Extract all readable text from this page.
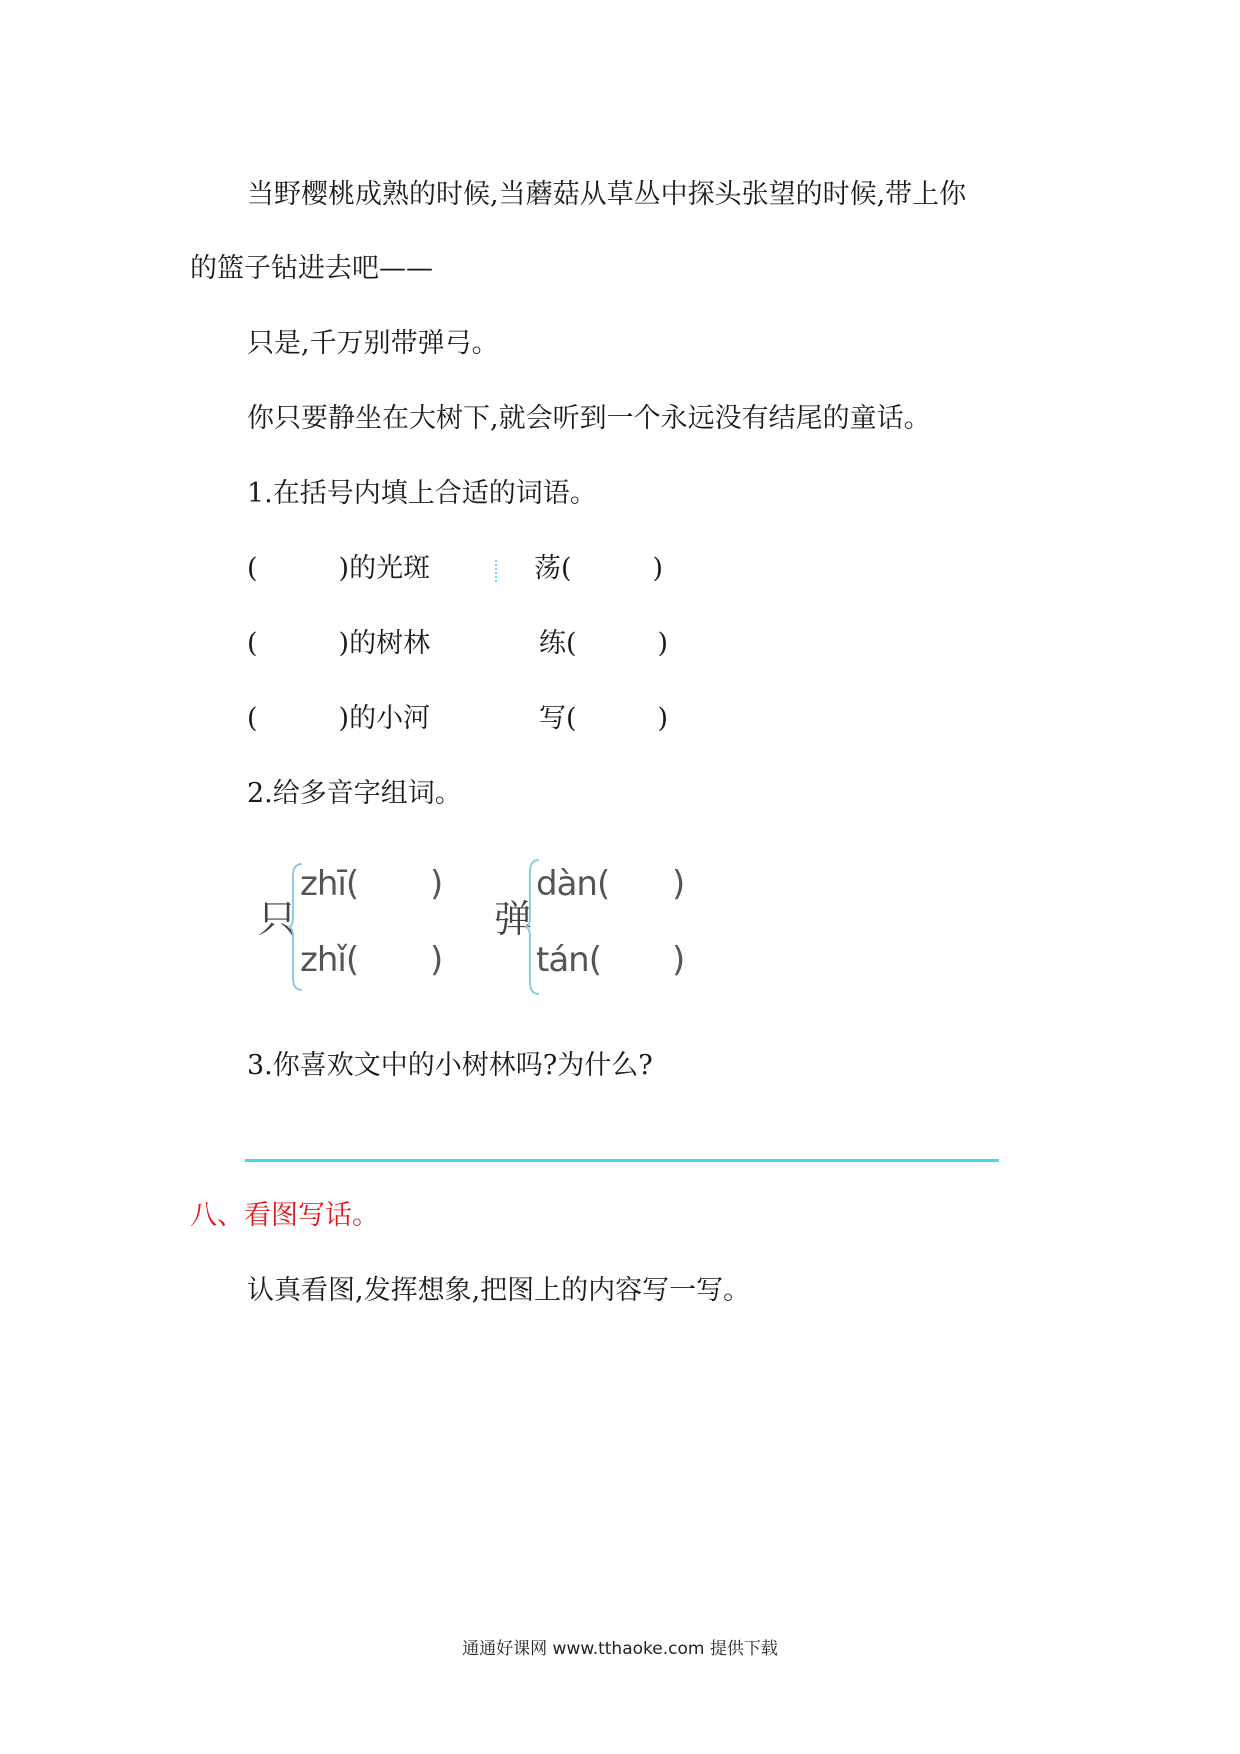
当野樱桃成熟的时候,当蘑菇从草丛中探头张望的时候,带上你
的篮子钻进去吧——
只是,千万别带弹弓。
你只要静坐在大树下,就会听到一个永远没有结尾的童话。
1.在括号内填上合适的词语。
(　　　)的光斑	荡(　　　)
(　　　)的树林	练(　　　)
(　　　)的小河	写(　　　)
2.给多音字组词。
只
zhī( )
zhǐ( )
弹
dàn( )
tán( )
3.你喜欢文中的小树林吗?为什么?
八、看图写话。
认真看图,发挥想象,把图上的内容写一写。
通通好课网 www.tthaoke.com 提供下载
